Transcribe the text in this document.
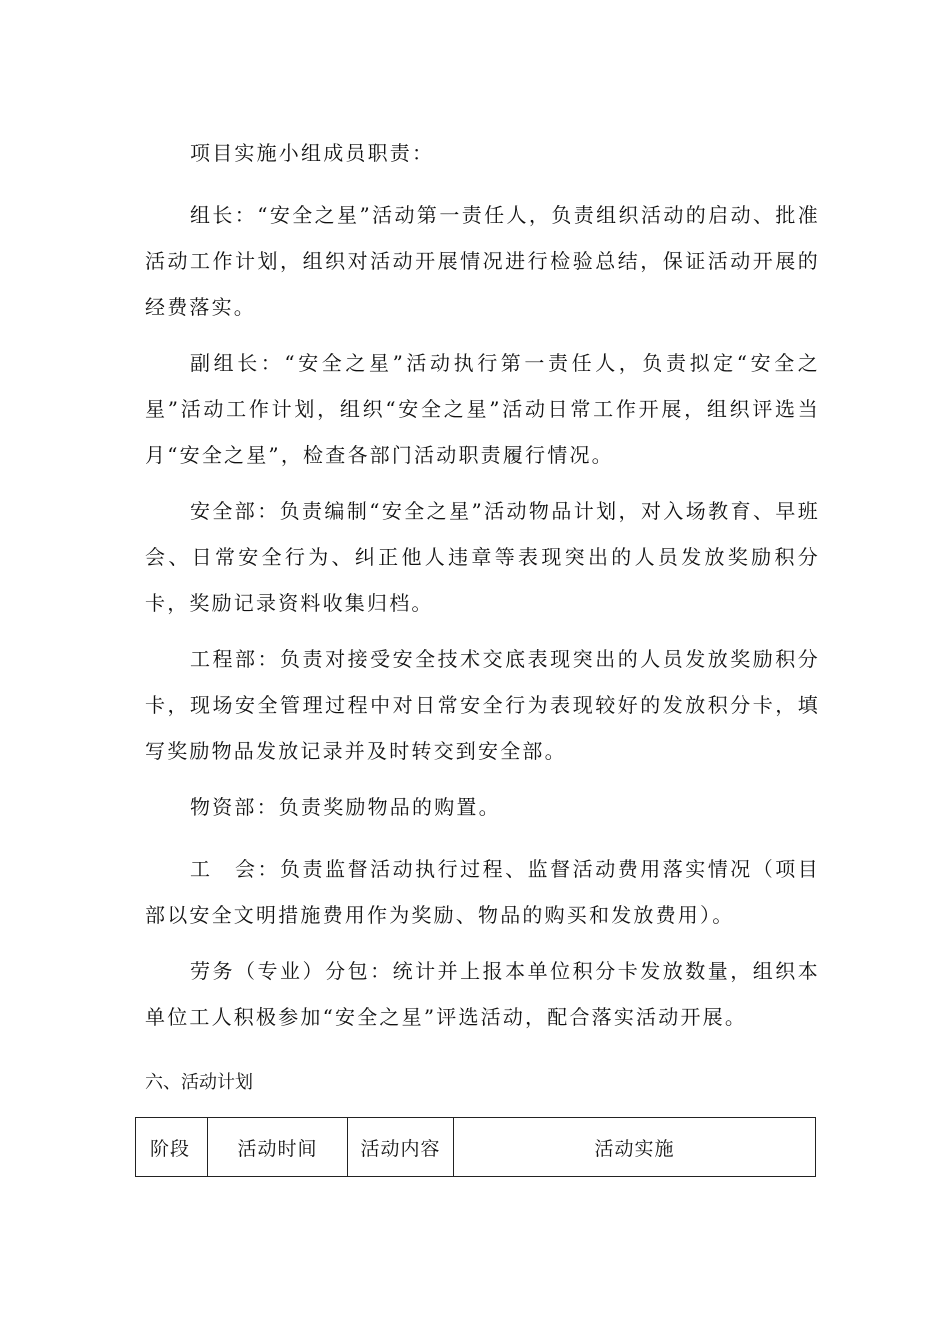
项目实施小组成员职责：

组长：“安全之星”活动第一责任人，负责组织活动的启动、批准活动工作计划，组织对活动开展情况进行检验总结，保证活动开展的经费落实。

副组长：“安全之星”活动执行第一责任人，负责拟定“安全之星”活动工作计划，组织“安全之星”活动日常工作开展，组织评选当月“安全之星”，检查各部门活动职责履行情况。

安全部：负责编制“安全之星”活动物品计划，对入场教育、早班会、日常安全行为、纠正他人违章等表现突出的人员发放奖励积分卡，奖励记录资料收集归档。

工程部：负责对接受安全技术交底表现突出的人员发放奖励积分卡，现场安全管理过程中对日常安全行为表现较好的发放积分卡，填写奖励物品发放记录并及时转交到安全部。

物资部：负责奖励物品的购置。

工　会：负责监督活动执行过程、监督活动费用落实情况（项目部以安全文明措施费用作为奖励、物品的购买和发放费用）。

劳务（专业）分包：统计并上报本单位积分卡发放数量，组织本单位工人积极参加“安全之星”评选活动，配合落实活动开展。

六、活动计划

阶段	活动时间	活动内容	活动实施
